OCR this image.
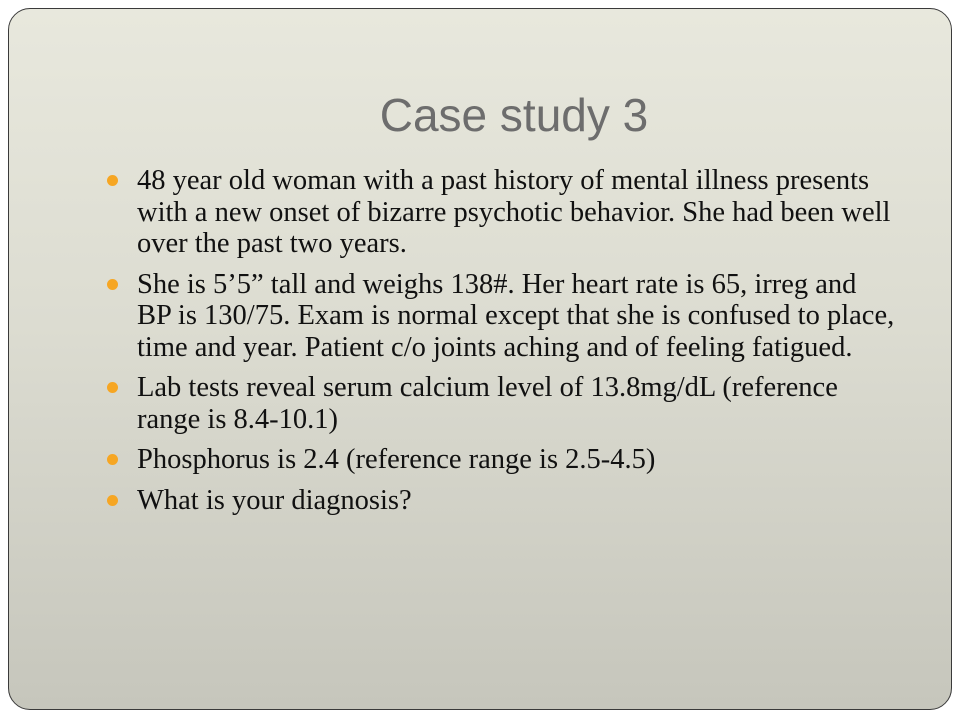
Case study 3
48 year old woman with a past history of mental illness presents with a new onset of bizarre psychotic behavior. She had been well over the past two years.
She is 5’5” tall and weighs 138#. Her heart rate is 65, irreg and BP is 130/75. Exam is normal except that she is confused to place, time and year. Patient c/o joints aching and of feeling fatigued.
Lab tests reveal serum calcium level of 13.8mg/dL (reference range is 8.4-10.1)
Phosphorus is 2.4 (reference range is 2.5-4.5)
What is your diagnosis?
